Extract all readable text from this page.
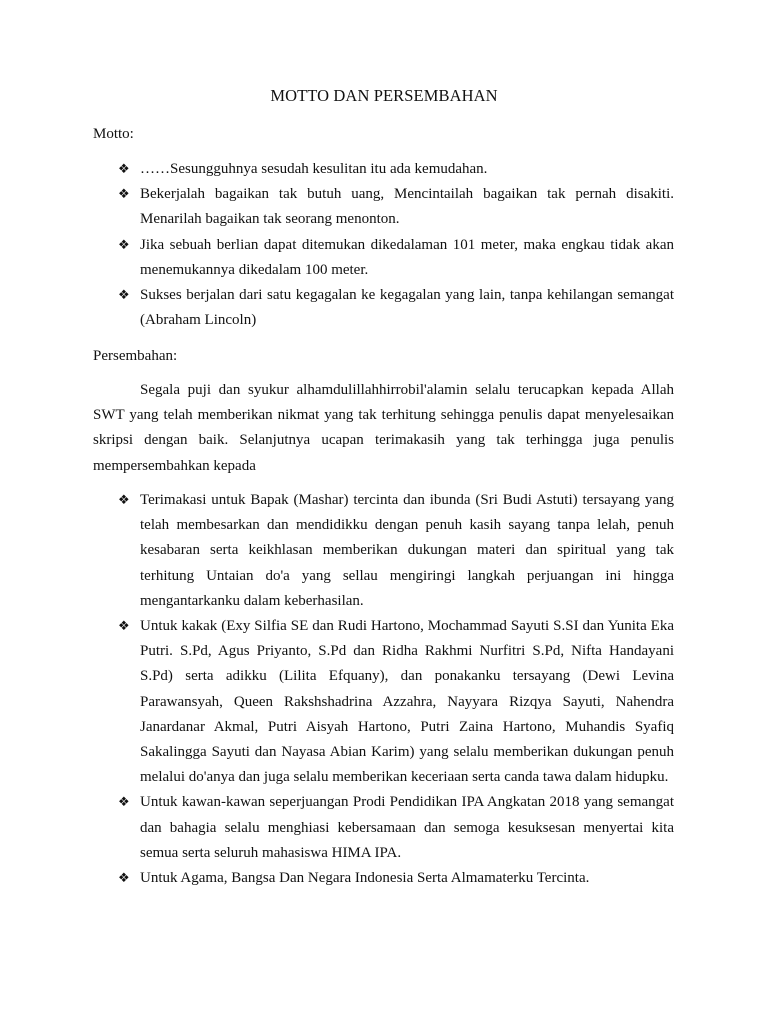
MOTTO DAN PERSEMBAHAN

Motto:

❖ ……Sesungguhnya sesudah kesulitan itu ada kemudahan.
❖ Bekerjalah bagaikan tak butuh uang, Mencintailah bagaikan tak pernah disakiti. Menarilah bagaikan tak seorang menonton.
❖ Jika sebuah berlian dapat ditemukan dikedalaman 101 meter, maka engkau tidak akan menemukannya dikedalam 100 meter.
❖ Sukses berjalan dari satu kegagalan ke kegagalan yang lain, tanpa kehilangan semangat (Abraham Lincoln)

Persembahan:

Segala puji dan syukur alhamdulillahhirrobil'alamin selalu terucapkan kepada Allah SWT yang telah memberikan nikmat yang tak terhitung sehingga penulis dapat menyelesaikan skripsi dengan baik. Selanjutnya ucapan terimakasih yang tak terhingga juga penulis mempersembahkan kepada

❖ Terimakasi untuk Bapak (Mashar) tercinta dan ibunda (Sri Budi Astuti) tersayang yang telah membesarkan dan mendidikku dengan penuh kasih sayang tanpa lelah, penuh kesabaran serta keikhlasan memberikan dukungan materi dan spiritual yang tak terhitung Untaian do'a yang sellau mengiringi langkah perjuangan ini hingga mengantarkanku dalam keberhasilan.
❖ Untuk kakak (Exy Silfia SE dan Rudi Hartono, Mochammad Sayuti S.SI dan Yunita Eka Putri. S.Pd, Agus Priyanto, S.Pd dan Ridha Rakhmi Nurfitri S.Pd, Nifta Handayani S.Pd) serta adikku (Lilita Efquany), dan ponakanku tersayang (Dewi Levina Parawansyah, Queen Rakshshadrina Azzahra, Nayyara Rizqya Sayuti, Nahendra Janardanar Akmal, Putri Aisyah Hartono, Putri Zaina Hartono, Muhandis Syafiq Sakalingga Sayuti dan Nayasa Abian Karim) yang selalu memberikan dukungan penuh melalui do'anya dan juga selalu memberikan keceriaan serta canda tawa dalam hidupku.
❖ Untuk kawan-kawan seperjuangan Prodi Pendidikan IPA Angkatan 2018 yang semangat dan bahagia selalu menghiasi kebersamaan dan semoga kesuksesan menyertai kita semua serta seluruh mahasiswa HIMA IPA.
❖ Untuk Agama, Bangsa Dan Negara Indonesia Serta Almamaterku Tercinta.
